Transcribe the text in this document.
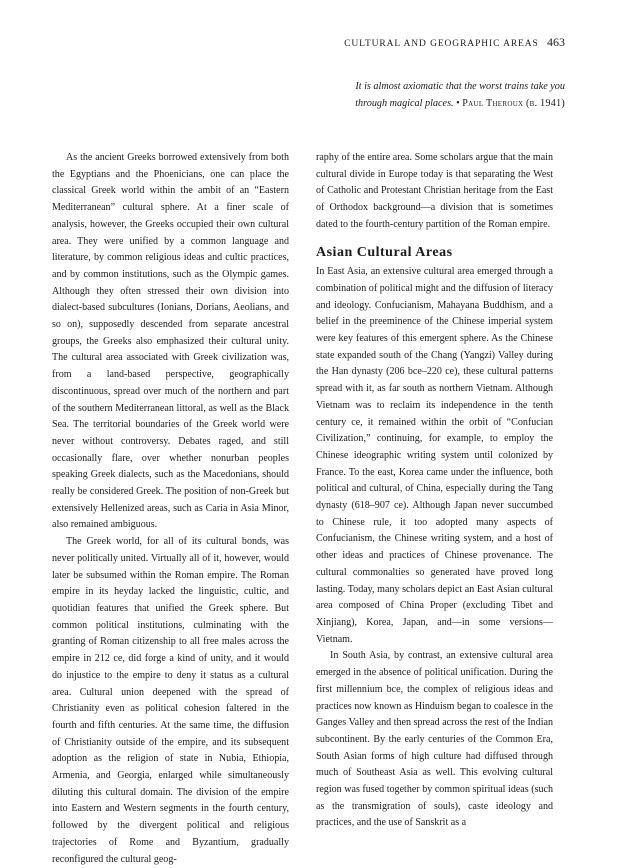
CULTURAL AND GEOGRAPHIC AREAS 463
It is almost axiomatic that the worst trains take you
through magical places. • Paul Theroux (b. 1941)

As the ancient Greeks borrowed extensively from both the Egyptians and the Phoenicians, one can place the classical Greek world within the ambit of an “Eastern Mediterranean” cultural sphere. At a finer scale of analysis, however, the Greeks occupied their own cultural area. They were unified by a common language and literature, by common religious ideas and cultic practices, and by common institutions, such as the Olympic games. Although they often stressed their own division into dialect-based subcultures (Ionians, Dorians, Aeolians, and so on), supposedly descended from separate ancestral groups, the Greeks also emphasized their cultural unity. The cultural area associated with Greek civilization was, from a land-based perspective, geographically discontinuous, spread over much of the northern and part of the southern Mediterranean littoral, as well as the Black Sea. The territorial boundaries of the Greek world were never without controversy. Debates raged, and still occasionally flare, over whether nonurban peoples speaking Greek dialects, such as the Macedonians, should really be considered Greek. The position of non-Greek but extensively Hellenized areas, such as Caria in Asia Minor, also remained ambiguous.

The Greek world, for all of its cultural bonds, was never politically united. Virtually all of it, however, would later be subsumed within the Roman empire. The Roman empire in its heyday lacked the linguistic, cultic, and quotidian features that unified the Greek sphere. But common political institutions, culminating with the granting of Roman citizenship to all free males across the empire in 212 ce, did forge a kind of unity, and it would do injustice to the empire to deny it status as a cultural area. Cultural union deepened with the spread of Christianity even as political cohesion faltered in the fourth and fifth centuries. At the same time, the diffusion of Christianity outside of the empire, and its subsequent adoption as the religion of state in Nubia, Ethiopia, Armenia, and Georgia, enlarged while simultaneously diluting this cultural domain. The division of the empire into Eastern and Western segments in the fourth century, followed by the divergent political and religious trajectories of Rome and Byzantium, gradually reconfigured the cultural geog-

raphy of the entire area. Some scholars argue that the main cultural divide in Europe today is that separating the West of Catholic and Protestant Christian heritage from the East of Orthodox background—a division that is sometimes dated to the fourth-century partition of the Roman empire.

Asian Cultural Areas

In East Asia, an extensive cultural area emerged through a combination of political might and the diffusion of literacy and ideology. Confucianism, Mahayana Buddhism, and a belief in the preeminence of the Chinese imperial system were key features of this emergent sphere. As the Chinese state expanded south of the Chang (Yangzi) Valley during the Han dynasty (206 bce–220 ce), these cultural patterns spread with it, as far south as northern Vietnam. Although Vietnam was to reclaim its independence in the tenth century ce, it remained within the orbit of “Confucian Civilization,” continuing, for example, to employ the Chinese ideographic writing system until colonized by France. To the east, Korea came under the influence, both political and cultural, of China, especially during the Tang dynasty (618–907 ce). Although Japan never succumbed to Chinese rule, it too adopted many aspects of Confucianism, the Chinese writing system, and a host of other ideas and practices of Chinese provenance. The cultural commonalties so generated have proved long lasting. Today, many scholars depict an East Asian cultural area composed of China Proper (excluding Tibet and Xinjiang), Korea, Japan, and—in some versions—Vietnam.

In South Asia, by contrast, an extensive cultural area emerged in the absence of political unification. During the first millennium bce, the complex of religious ideas and practices now known as Hinduism began to coalesce in the Ganges Valley and then spread across the rest of the Indian subcontinent. By the early centuries of the Common Era, South Asian forms of high culture had diffused through much of Southeast Asia as well. This evolving cultural region was fused together by common spiritual ideas (such as the transmigration of souls), caste ideology and practices, and the use of Sanskrit as a
